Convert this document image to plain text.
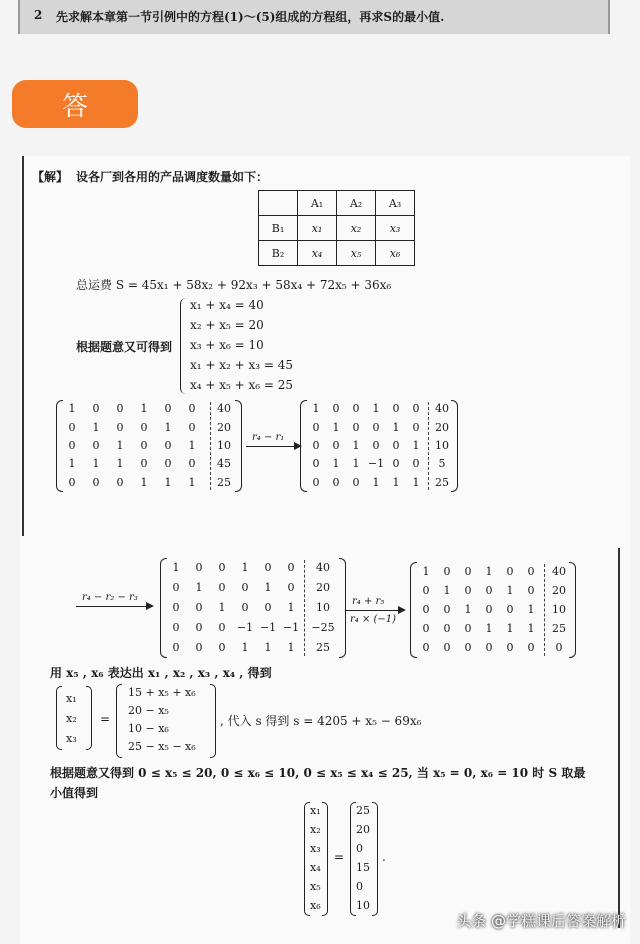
2 先求解本章第一节引例中的方程(1)～(5)组成的方程组，再求S的最小值.
答
【解】 设各厂到各用的产品调度数量如下：
	A₁	A₂	A₃
B₁	x₁	x₂	x₃
B₂	x₄	x₅	x₆
总运费 S = 45x₁ + 58x₂ + 92x₃ + 58x₄ + 72x₅ + 36x₆
根据题意又可得到
x₁ + x₄ = 40
x₂ + x₅ = 20
x₃ + x₆ = 10
x₁ + x₂ + x₃ = 45
x₄ + x₅ + x₆ = 25
1	0	0	1	0	0	40
0	1	0	0	1	0	20
0	0	1	0	0	1	10
1	1	1	0	0	0	45
0	0	0	1	1	1	25
r₄ − r₁
1	0	0	1	0	0	40
0	1	0	0	1	0	20
0	0	1	0	0	1	10
0	1	1 −1 0	0	5
0	0	0	1	1	1	25
r₄ − r₂ − r₃
1	0	0	1	0	0	40
0	1	0	0	1	0	20
0	0	1	0	0	1	10
0	0	0	−1 −1 −1	−25
0	0	0	1	1	1	25
r₄ + r₅
r₄ × (−1)
1	0	0	1	0	0	40
0	1	0	0	1	0	20
0	0	1	0	0	1	10
0	0	0	1	1	1	25
0	0	0	0	0	0	0
用 x₅ , x₆ 表达出 x₁ , x₂ , x₃ , x₄ , 得到
x₁
x₂
x₃
=
15 + x₅ + x₆
20 − x₅
10 − x₆
25 − x₅ − x₆
, 代入 s 得到 s = 4205 + x₅ − 69x₆
根据题意又得到 0 ≤ x₅ ≤ 20, 0 ≤ x₆ ≤ 10, 0 ≤ x₅ ≤ x₄ ≤ 25, 当 x₅ = 0, x₆ = 10 时 S 取最
小值得到
x₁
x₂
x₃
x₄
x₅
x₆
=
25
20
0
15
0
10
.
头条 @学糕课后答案解析
